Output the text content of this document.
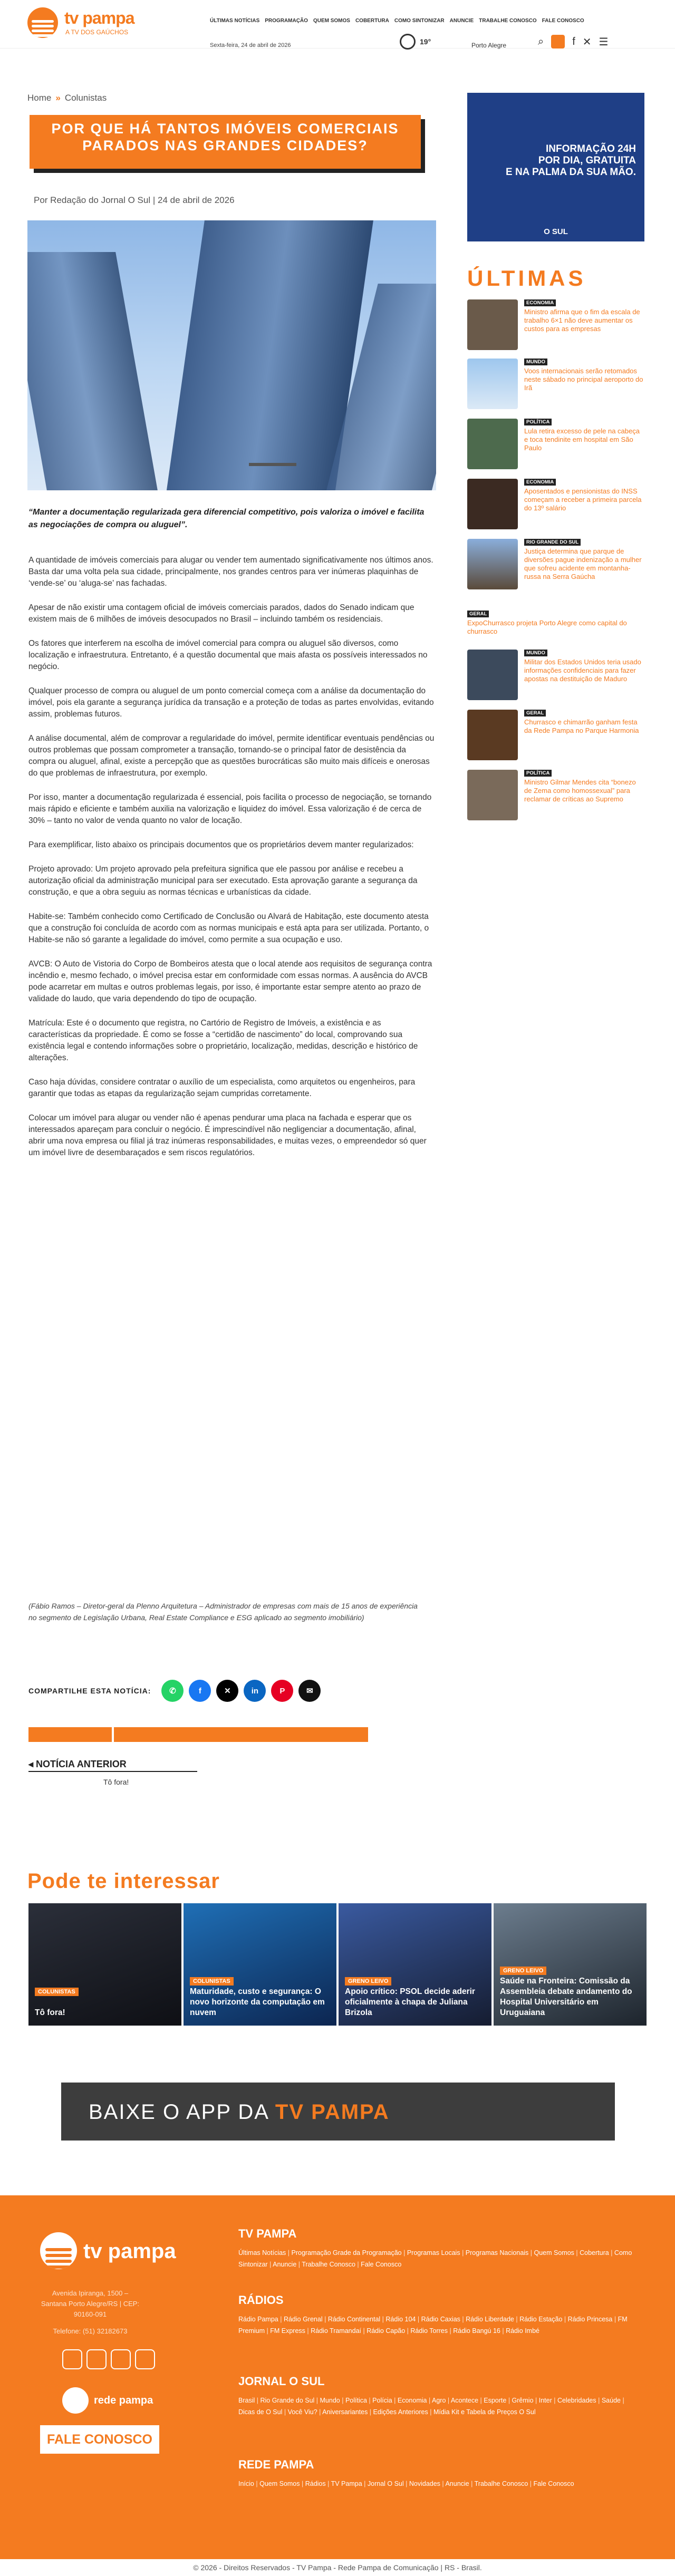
tv pampa
A TV DOS GAÚCHOS
ÚLTIMAS NOTÍCIAS PROGRAMAÇÃO QUEM SOMOS COBERTURA COMO SINTONIZAR ANUNCIE TRABALHE CONOSCO FALE CONOSCO
Sexta-feira, 24 de abril de 2026	19°	Porto Alegre	⌕	f ✕ ☰
Home » Colunistas
POR QUE HÁ TANTOS IMÓVEIS COMERCIAIS PARADOS NAS GRANDES CIDADES?
Por Redação do Jornal O Sul | 24 de abril de 2026

“Manter a documentação regularizada gera diferencial competitivo, pois valoriza o imóvel e facilita as negociações de compra ou aluguel”.

A quantidade de imóveis comerciais para alugar ou vender tem aumentado significativamente nos últimos anos. Basta dar uma volta pela sua cidade, principalmente, nos grandes centros para ver inúmeras plaquinhas de ‘vende-se’ ou ‘aluga-se’ nas fachadas.

Apesar de não existir uma contagem oficial de imóveis comerciais parados, dados do Senado indicam que existem mais de 6 milhões de imóveis desocupados no Brasil – incluindo também os residenciais.

Os fatores que interferem na escolha de imóvel comercial para compra ou aluguel são diversos, como localização e infraestrutura. Entretanto, é a questão documental que mais afasta os possíveis interessados no negócio.

Qualquer processo de compra ou aluguel de um ponto comercial começa com a análise da documentação do imóvel, pois ela garante a segurança jurídica da transação e a proteção de todas as partes envolvidas, evitando assim, problemas futuros.

A análise documental, além de comprovar a regularidade do imóvel, permite identificar eventuais pendências ou outros problemas que possam comprometer a transação, tornando-se o principal fator de desistência da compra ou aluguel, afinal, existe a percepção que as questões burocráticas são muito mais difíceis e onerosas do que problemas de infraestrutura, por exemplo.

Por isso, manter a documentação regularizada é essencial, pois facilita o processo de negociação, se tornando mais rápido e eficiente e também auxilia na valorização e liquidez do imóvel. Essa valorização é de cerca de 30% – tanto no valor de venda quanto no valor de locação.

Para exemplificar, listo abaixo os principais documentos que os proprietários devem manter regularizados:

Projeto aprovado: Um projeto aprovado pela prefeitura significa que ele passou por análise e recebeu a autorização oficial da administração municipal para ser executado. Esta aprovação garante a segurança da construção, e que a obra seguiu as normas técnicas e urbanísticas da cidade.

Habite-se: Também conhecido como Certificado de Conclusão ou Alvará de Habitação, este documento atesta que a construção foi concluída de acordo com as normas municipais e está apta para ser utilizada. Portanto, o Habite-se não só garante a legalidade do imóvel, como permite a sua ocupação e uso.

AVCB: O Auto de Vistoria do Corpo de Bombeiros atesta que o local atende aos requisitos de segurança contra incêndio e, mesmo fechado, o imóvel precisa estar em conformidade com essas normas. A ausência do AVCB pode acarretar em multas e outros problemas legais, por isso, é importante estar sempre atento ao prazo de validade do laudo, que varia dependendo do tipo de ocupação.

Matrícula: Este é o documento que registra, no Cartório de Registro de Imóveis, a existência e as características da propriedade. É como se fosse a “certidão de nascimento” do local, comprovando sua existência legal e contendo informações sobre o proprietário, localização, medidas, descrição e histórico de alterações.

Caso haja dúvidas, considere contratar o auxílio de um especialista, como arquitetos ou engenheiros, para garantir que todas as etapas da regularização sejam cumpridas corretamente.

Colocar um imóvel para alugar ou vender não é apenas pendurar uma placa na fachada e esperar que os interessados apareçam para concluir o negócio. É imprescindível não negligenciar a documentação, afinal, abrir uma nova empresa ou filial já traz inúmeras responsabilidades, e muitas vezes, o empreendedor só quer um imóvel livre de desembaraçados e sem riscos regulatórios.

(Fábio Ramos – Diretor-geral da Plenno Arquitetura – Administrador de empresas com mais de 15 anos de experiência no segmento de Legislação Urbana, Real Estate Compliance e ESG aplicado ao segmento imobiliário)

COMPARTILHE ESTA NOTÍCIA:	✆	f	✕	in	P	✉
◂ NOTÍCIA ANTERIOR
Tô fora!
Pode te interessar
COLUNISTAS
Tô fora!
COLUNISTAS
Maturidade, custo e segurança: O novo horizonte da computação em nuvem
GRENO LEIVO
Apoio crítico: PSOL decide aderir oficialmente à chapa de Juliana Brizola
GRENO LEIVO
Saúde na Fronteira: Comissão da Assembleia debate andamento do Hospital Universitário em Uruguaiana
BAIXE O APP DA TV PAMPA
INFORMAÇÃO 24H
POR DIA, GRATUITA
E NA PALMA DA SUA MÃO.
O SUL
ÚLTIMAS
ECONOMIA
Ministro afirma que o fim da escala de trabalho 6×1 não deve aumentar os custos para as empresas
MUNDO
Voos internacionais serão retomados neste sábado no principal aeroporto do Irã
POLÍTICA
Lula retira excesso de pele na cabeça e toca tendinite em hospital em São Paulo
ECONOMIA
Aposentados e pensionistas do INSS começam a receber a primeira parcela do 13º salário
RIO GRANDE DO SUL
Justiça determina que parque de diversões pague indenização a mulher que sofreu acidente em montanha-russa na Serra Gaúcha
GERAL
ExpoChurrasco projeta Porto Alegre como capital do churrasco
MUNDO
Militar dos Estados Unidos teria usado informações confidenciais para fazer apostas na destituição de Maduro
GERAL
Churrasco e chimarrão ganham festa da Rede Pampa no Parque Harmonia
POLÍTICA
Ministro Gilmar Mendes cita “bonezo de Zema como homossexual” para reclamar de críticas ao Supremo
tv pampa
Avenida Ipiranga, 1500 – Santana Porto Alegre/RS | CEP: 90160-091
Telefone: (51) 32182673
rede pampa
FALE CONOSCO
TV PAMPA
Últimas Notícias | Programação Grade da Programação | Programas Locais | Programas Nacionais | Quem Somos | Cobertura | Como Sintonizar | Anuncie | Trabalhe Conosco | Fale Conosco
RÁDIOS
Rádio Pampa | Rádio Grenal | Rádio Continental | Rádio 104 | Rádio Caxias | Rádio Liberdade | Rádio Estação | Rádio Princesa | FM Premium | FM Express | Rádio Tramandaí | Rádio Capão | Rádio Torres | Rádio Bangú 16 | Rádio Imbé
JORNAL O SUL
Brasil | Rio Grande do Sul | Mundo | Política | Polícia | Economia | Agro | Acontece | Esporte | Grêmio | Inter | Celebridades | Saúde | Dicas de O Sul | Você Viu? | Aniversariantes | Edições Anteriores | Mídia Kit e Tabela de Preços O Sul
REDE PAMPA
Início | Quem Somos | Rádios | TV Pampa | Jornal O Sul | Novidades | Anuncie | Trabalhe Conosco | Fale Conosco
© 2026 - Direitos Reservados - TV Pampa - Rede Pampa de Comunicação | RS - Brasil.
